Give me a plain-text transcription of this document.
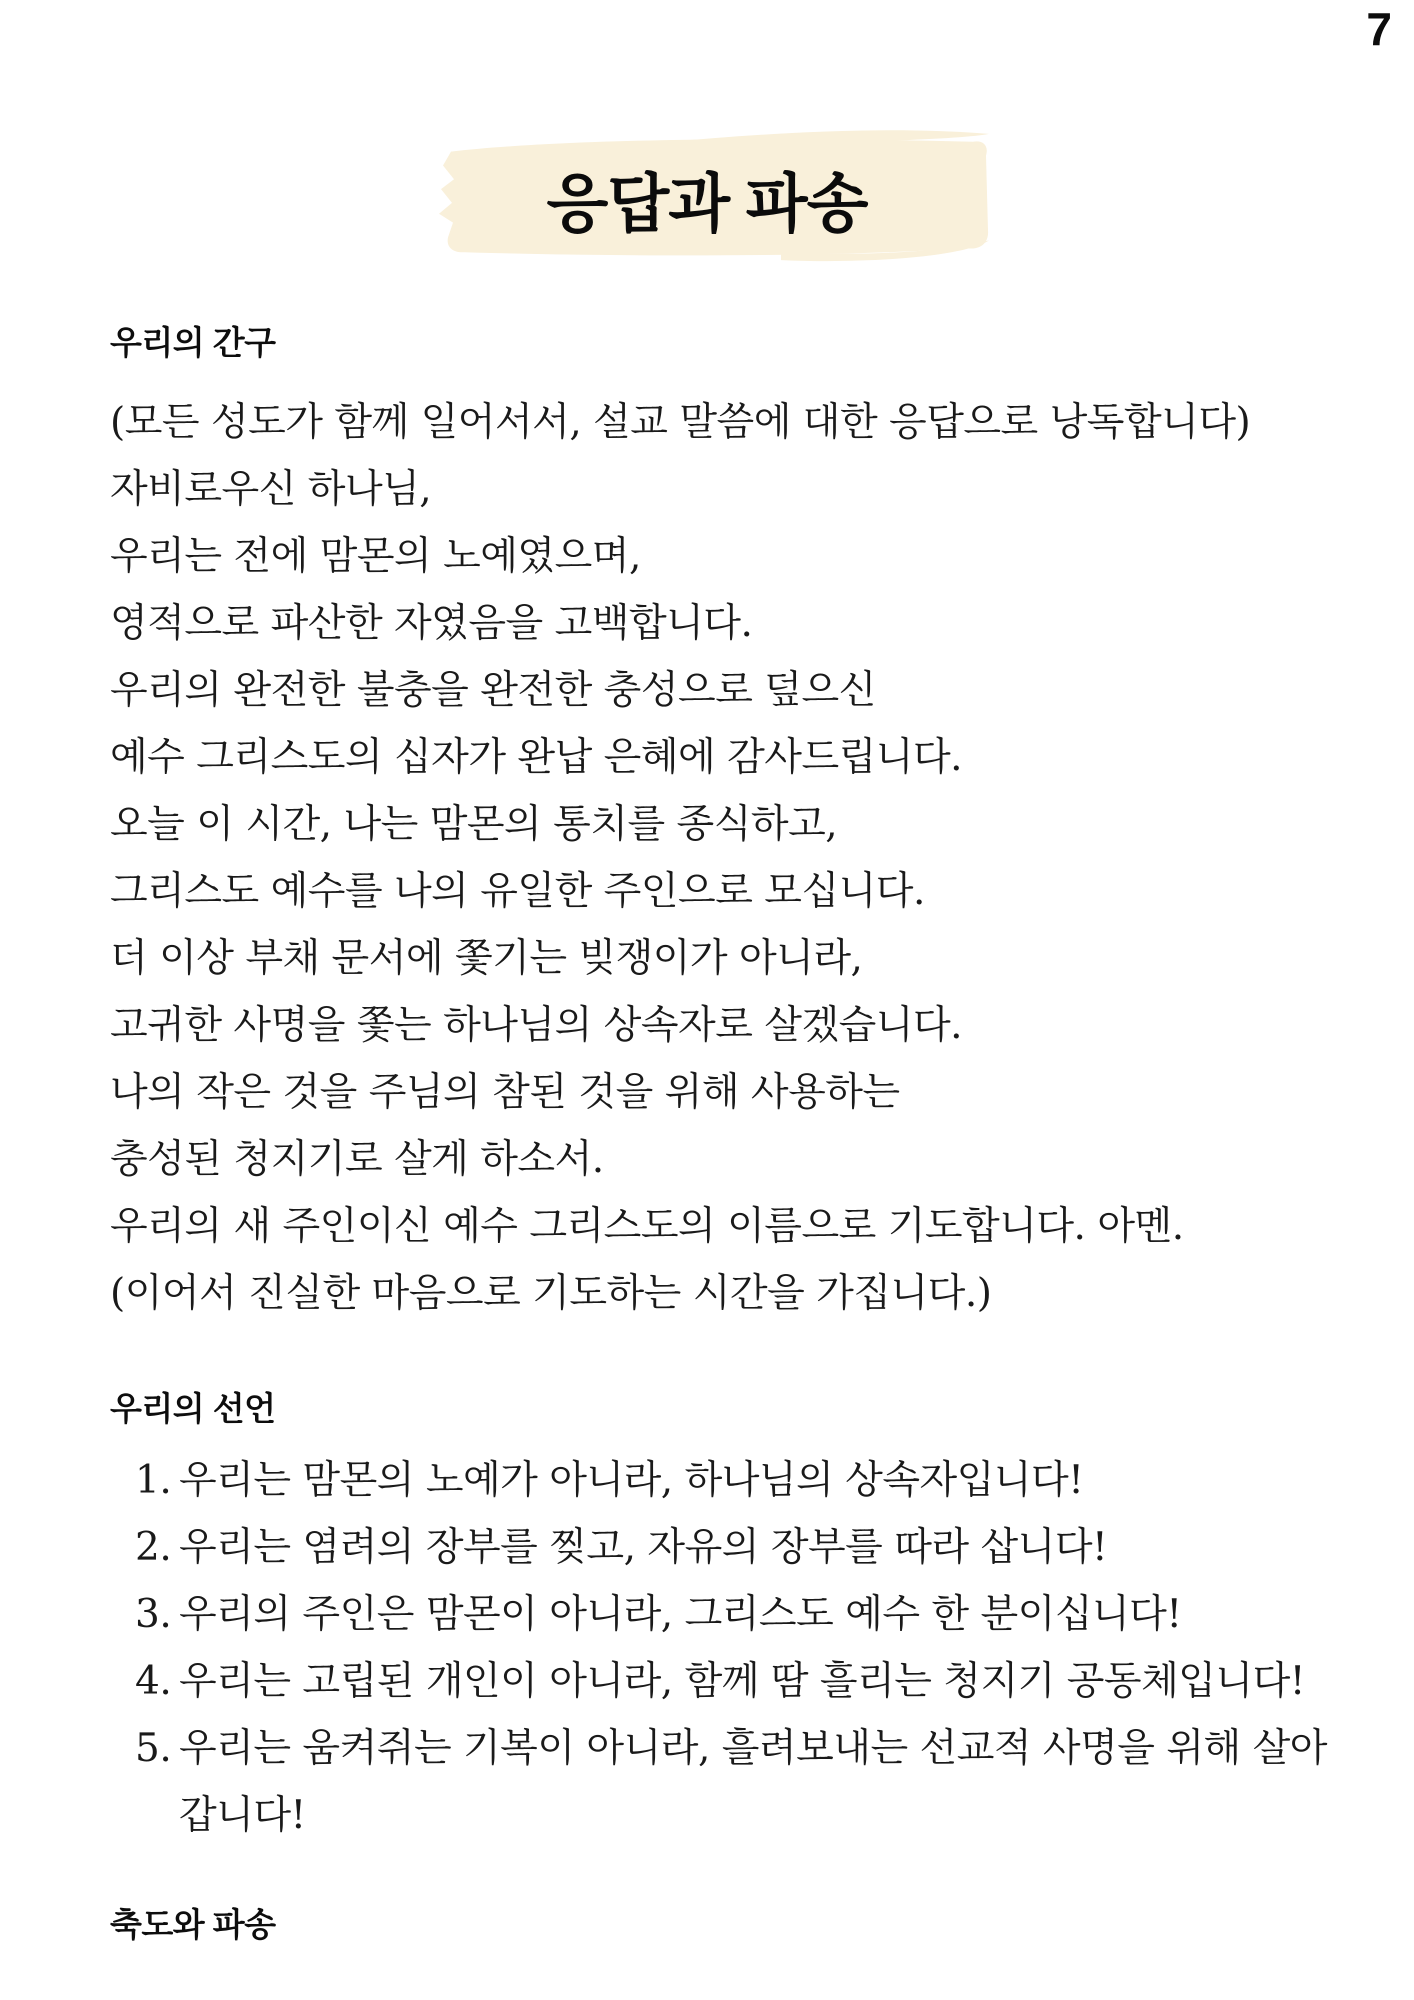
7
응답과 파송
우리의 간구
(모든 성도가 함께 일어서서, 설교 말씀에 대한 응답으로 낭독합니다)
자비로우신 하나님,
우리는 전에 맘몬의 노예였으며,
영적으로 파산한 자였음을 고백합니다.
우리의 완전한 불충을 완전한 충성으로 덮으신
예수 그리스도의 십자가 완납 은혜에 감사드립니다.
오늘 이 시간, 나는 맘몬의 통치를 종식하고,
그리스도 예수를 나의 유일한 주인으로 모십니다.
더 이상 부채 문서에 쫓기는 빚쟁이가 아니라,
고귀한 사명을 쫓는 하나님의 상속자로 살겠습니다.
나의 작은 것을 주님의 참된 것을 위해 사용하는
충성된 청지기로 살게 하소서.
우리의 새 주인이신 예수 그리스도의 이름으로 기도합니다. 아멘.
(이어서 진실한 마음으로 기도하는 시간을 가집니다.)
우리의 선언
1. 우리는 맘몬의 노예가 아니라, 하나님의 상속자입니다!
2. 우리는 염려의 장부를 찢고, 자유의 장부를 따라 삽니다!
3. 우리의 주인은 맘몬이 아니라, 그리스도 예수 한 분이십니다!
4. 우리는 고립된 개인이 아니라, 함께 땀 흘리는 청지기 공동체입니다!
5. 우리는 움켜쥐는 기복이 아니라, 흘려보내는 선교적 사명을 위해 살아갑니다!
축도와 파송
